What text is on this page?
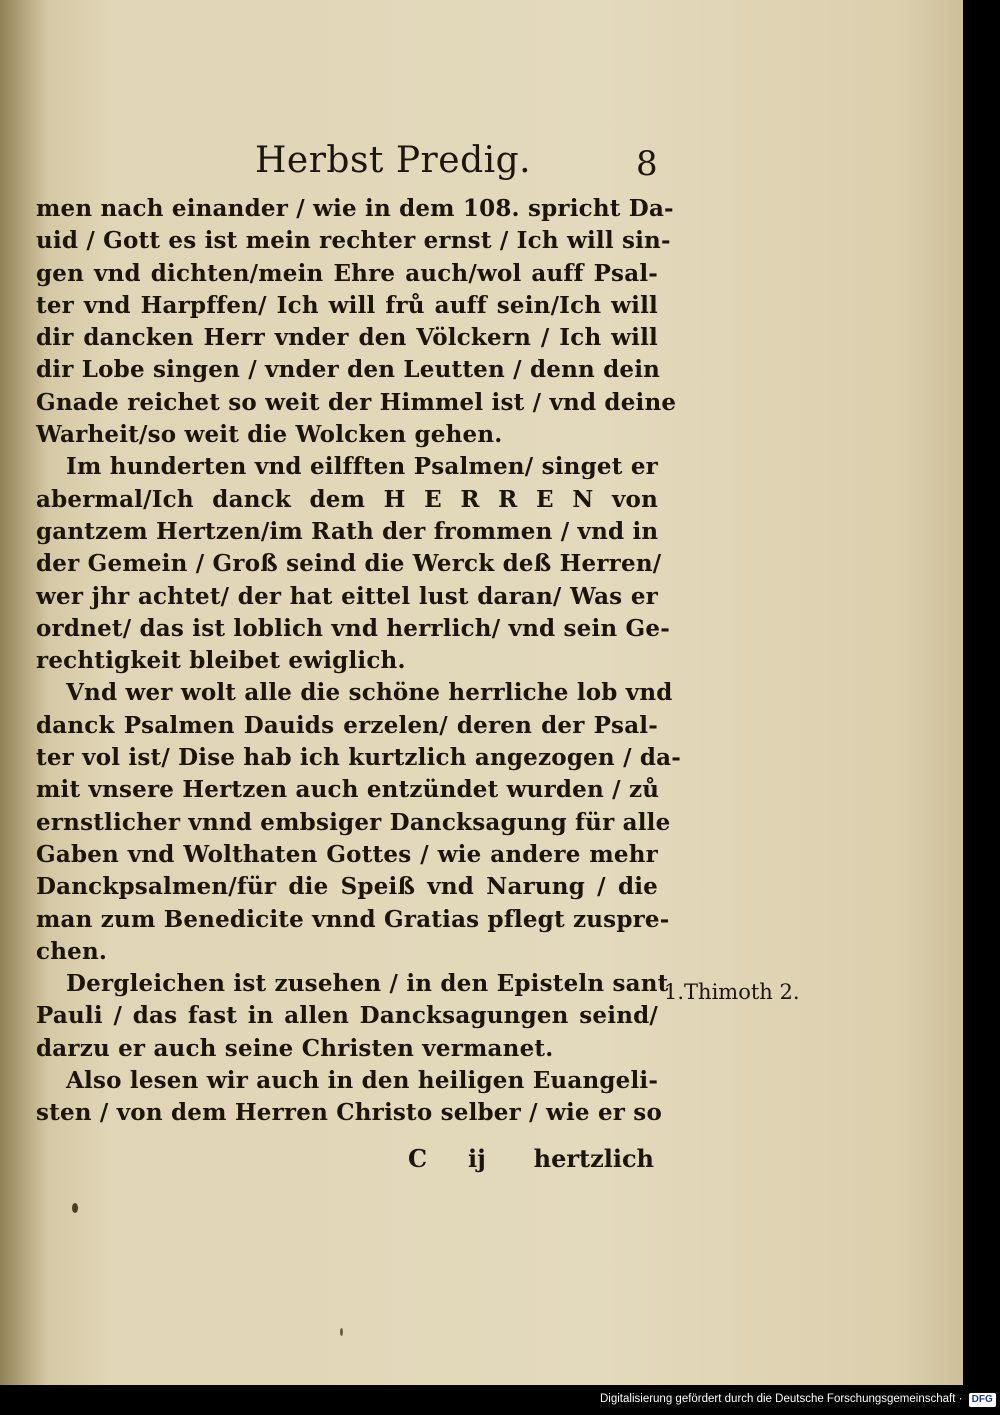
Herbst Predig.	8
men nach einander / wie in dem 108. spricht Da-
uid / Gott es ist mein rechter ernst / Ich will sin-
gen vnd dichten/mein Ehre auch/wol auff Psal-
ter vnd Harpffen/ Ich will frů auff sein/Ich will
dir dancken Herr vnder den Völckern / Ich will
dir Lobe singen / vnder den Leutten / denn dein
Gnade reichet so weit der Himmel ist / vnd deine
Warheit/so weit die Wolcken gehen.
Im hunderten vnd eilfften Psalmen/ singet er
abermal/Ich danck dem H E R R E N von
gantzem Hertzen/im Rath der frommen / vnd in
der Gemein / Groß seind die Werck deß Herren/
wer jhr achtet/ der hat eittel lust daran/ Was er
ordnet/ das ist loblich vnd herrlich/ vnd sein Ge-
rechtigkeit bleibet ewiglich.
Vnd wer wolt alle die schöne herrliche lob vnd
danck Psalmen Dauids erzelen/ deren der Psal-
ter vol ist/ Dise hab ich kurtzlich angezogen / da-
mit vnsere Hertzen auch entzündet wurden / zů
ernstlicher vnnd embsiger Dancksagung für alle
Gaben vnd Wolthaten Gottes / wie andere mehr
Danckpsalmen/für die Speiß vnd Narung / die
man zum Benedicite vnnd Gratias pflegt zuspre-
chen.
Dergleichen ist zusehen / in den Episteln sant
Pauli / das fast in allen Dancksagungen seind/
darzu er auch seine Christen vermanet.
Also lesen wir auch in den heiligen Euangeli-
sten / von dem Herren Christo selber / wie er so
1.Thimoth 2.
C ij hertzlich
Digitalisierung gefördert durch die Deutsche Forschungsgemeinschaft · DFG
